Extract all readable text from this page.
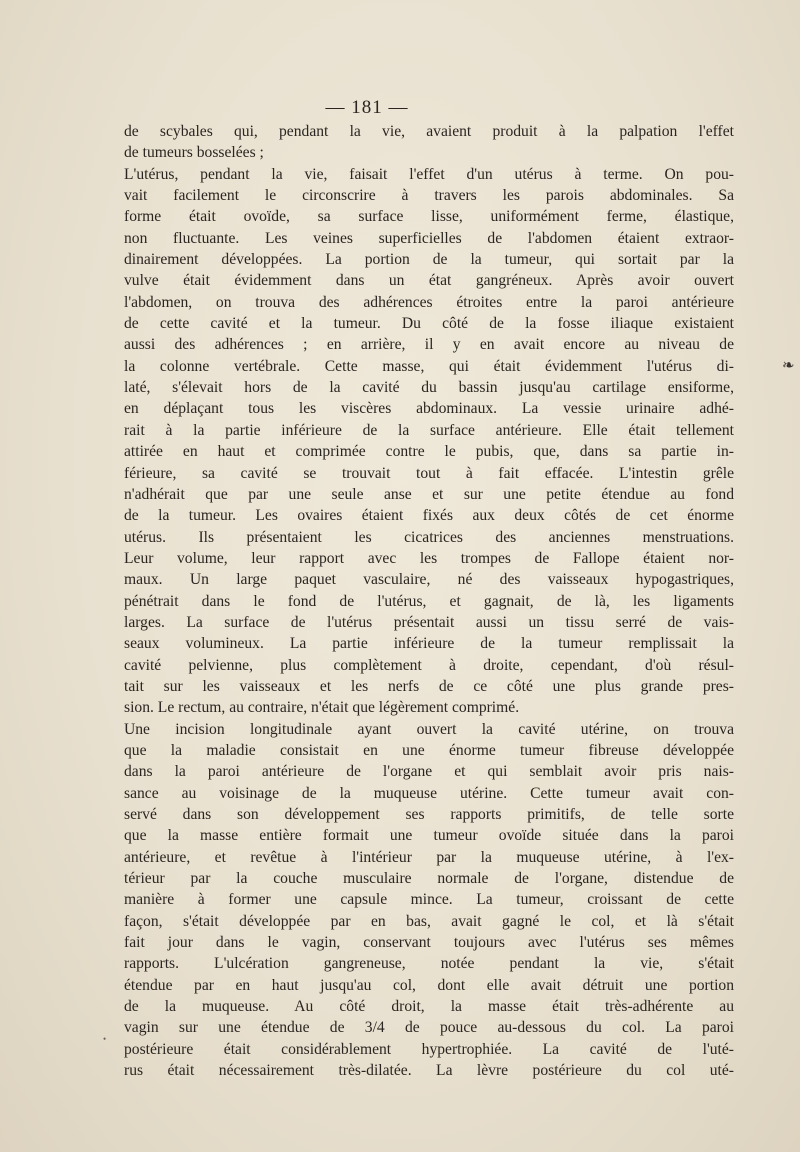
— 181 —
de scybales qui, pendant la vie, avaient produit à la palpation l'effet
de tumeurs bosselées ;
L'utérus, pendant la vie, faisait l'effet d'un utérus à terme. On pou-
vait facilement le circonscrire à travers les parois abdominales. Sa
forme était ovoïde, sa surface lisse, uniformément ferme, élastique,
non fluctuante. Les veines superficielles de l'abdomen étaient extraor-
dinairement développées. La portion de la tumeur, qui sortait par la
vulve était évidemment dans un état gangréneux. Après avoir ouvert
l'abdomen, on trouva des adhérences étroites entre la paroi antérieure
de cette cavité et la tumeur. Du côté de la fosse iliaque existaient
aussi des adhérences ; en arrière, il y en avait encore au niveau de
la colonne vertébrale. Cette masse, qui était évidemment l'utérus di-
laté, s'élevait hors de la cavité du bassin jusqu'au cartilage ensiforme,
en déplaçant tous les viscères abdominaux. La vessie urinaire adhé-
rait à la partie inférieure de la surface antérieure. Elle était tellement
attirée en haut et comprimée contre le pubis, que, dans sa partie in-
férieure, sa cavité se trouvait tout à fait effacée. L'intestin grêle
n'adhérait que par une seule anse et sur une petite étendue au fond
de la tumeur. Les ovaires étaient fixés aux deux côtés de cet énorme
utérus. Ils présentaient les cicatrices des anciennes menstruations.
Leur volume, leur rapport avec les trompes de Fallope étaient nor-
maux. Un large paquet vasculaire, né des vaisseaux hypogastriques,
pénétrait dans le fond de l'utérus, et gagnait, de là, les ligaments
larges. La surface de l'utérus présentait aussi un tissu serré de vais-
seaux volumineux. La partie inférieure de la tumeur remplissait la
cavité pelvienne, plus complètement à droite, cependant, d'où résul-
tait sur les vaisseaux et les nerfs de ce côté une plus grande pres-
sion. Le rectum, au contraire, n'était que légèrement comprimé.
Une incision longitudinale ayant ouvert la cavité utérine, on trouva
que la maladie consistait en une énorme tumeur fibreuse développée
dans la paroi antérieure de l'organe et qui semblait avoir pris nais-
sance au voisinage de la muqueuse utérine. Cette tumeur avait con-
servé dans son développement ses rapports primitifs, de telle sorte
que la masse entière formait une tumeur ovoïde située dans la paroi
antérieure, et revêtue à l'intérieur par la muqueuse utérine, à l'ex-
térieur par la couche musculaire normale de l'organe, distendue de
manière à former une capsule mince. La tumeur, croissant de cette
façon, s'était développée par en bas, avait gagné le col, et là s'était
fait jour dans le vagin, conservant toujours avec l'utérus ses mêmes
rapports. L'ulcération gangreneuse, notée pendant la vie, s'était
étendue par en haut jusqu'au col, dont elle avait détruit une portion
de la muqueuse. Au côté droit, la masse était très-adhérente au
vagin sur une étendue de 3/4 de pouce au-dessous du col. La paroi
postérieure était considérablement hypertrophiée. La cavité de l'uté-
rus était nécessairement très-dilatée. La lèvre postérieure du col uté-
❧
•
